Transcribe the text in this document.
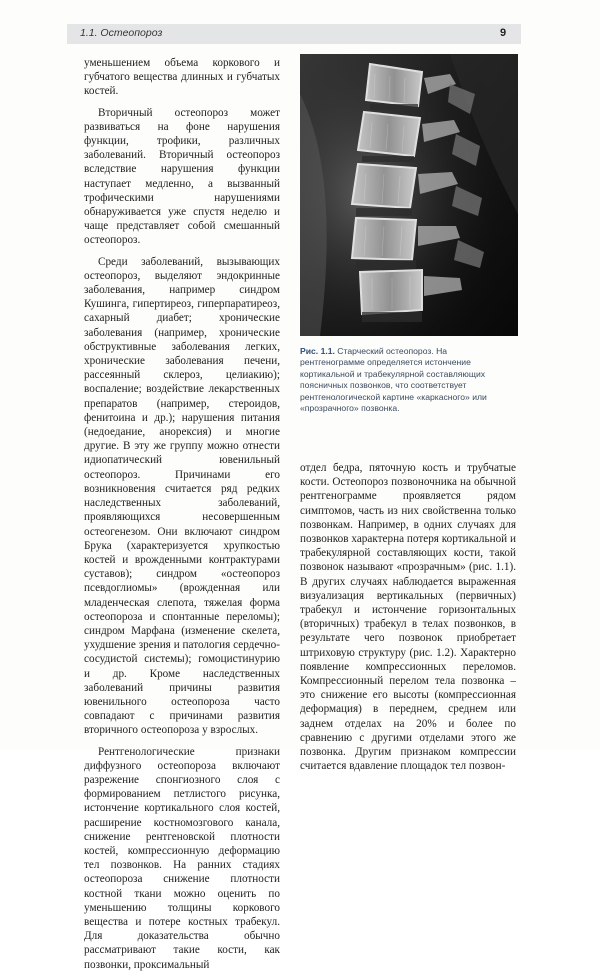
1.1. Остеопороз	9

уменьшением объема коркового и губчатого вещества длинных и губчатых костей.

Вторичный остеопороз может развиваться на фоне нарушения функции, трофики, различных заболеваний. Вторичный остеопороз вследствие нарушения функции наступает медленно, а вызванный трофическими нарушениями обнаруживается уже спустя неделю и чаще представляет собой смешанный остеопороз.

Среди заболеваний, вызывающих остеопороз, выделяют эндокринные заболевания, например синдром Кушинга, гипертиреоз, гиперпаратиреоз, сахарный диабет; хронические заболевания (например, хронические обструктивные заболевания легких, хронические заболевания печени, рассеянный склероз, целиакию); воспаление; воздействие лекарственных препаратов (например, стероидов, фенитоина и др.); нарушения питания (недоедание, анорексия) и многие другие. В эту же группу можно отнести идиопатический ювенильный остеопороз. Причинами его возникновения считается ряд редких наследственных заболеваний, проявляющихся несовершенным остеогенезом. Они включают синдром Брука (характеризуется хрупкостью костей и врожденными контрактурами суставов); синдром «остеопороз псевдоглиомы» (врожденная или младенческая слепота, тяжелая форма остеопороза и спонтанные переломы); синдром Марфана (изменение скелета, ухудшение зрения и патология сердечно-сосудистой системы); гомоцистинурию и др. Кроме наследственных заболеваний причины развития ювенильного остеопороза часто совпадают с причинами развития вторичного остеопороза у взрослых.

Рентгенологические признаки диффузного остеопороза включают разрежение спонгиозного слоя с формированием петлистого рисунка, истончение кортикального слоя костей, расширение костномозгового канала, снижение рентгеновской плотности костей, компрессионную деформацию тел позвонков. На ранних стадиях остеопороза снижение плотности костной ткани можно оценить по уменьшению толщины коркового вещества и потере костных трабекул. Для доказательства обычно рассматривают такие кости, как позвонки, проксимальный

Рис. 1.1. Старческий остеопороз. На рентгенограмме определяется истончение кортикальной и трабекулярной составляющих поясничных позвонков, что соответствует рентгенологической картине «каркасного» или «прозрачного» позвонка.

отдел бедра, пяточную кость и трубчатые кости. Остеопороз позвоночника на обычной рентгенограмме проявляется рядом симптомов, часть из них свойственна только позвонкам. Например, в одних случаях для позвонков характерна потеря кортикальной и трабекулярной составляющих кости, такой позвонок называют «прозрачным» (рис. 1.1). В других случаях наблюдается выраженная визуализация вертикальных (первичных) трабекул и истончение горизонтальных (вторичных) трабекул в телах позвонков, в результате чего позвонок приобретает штриховую структуру (рис. 1.2). Характерно появление компрессионных переломов. Компрессионный перелом тела позвонка – это снижение его высоты (компрессионная деформация) в переднем, среднем или заднем отделах на 20% и более по сравнению с другими отделами этого же позвонка. Другим признаком компрессии считается вдавление площадок тел позвон-
